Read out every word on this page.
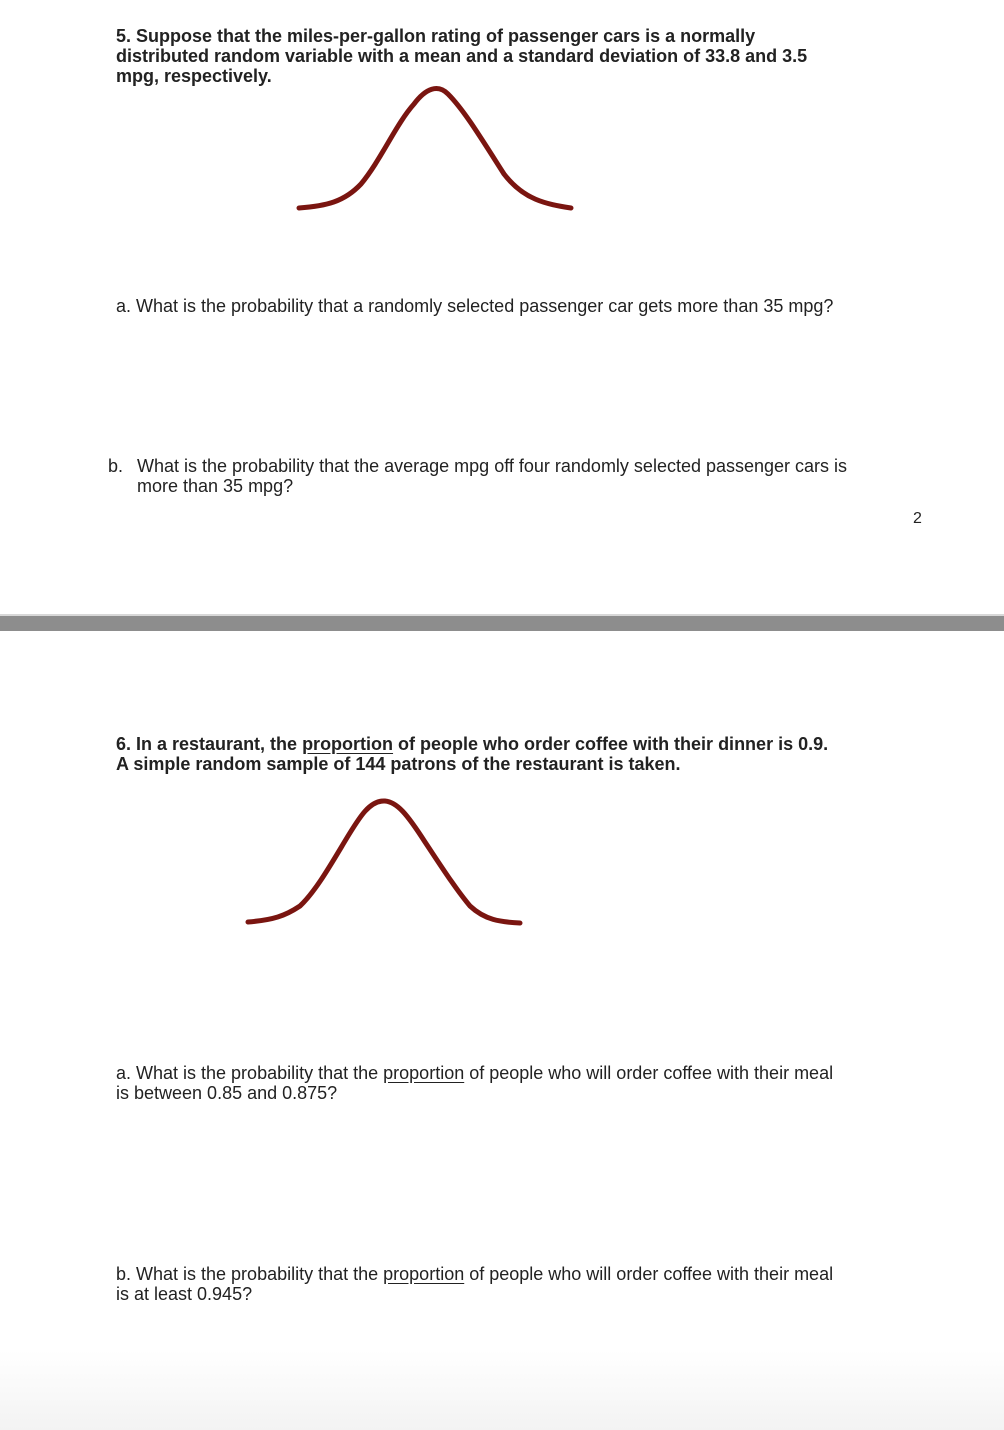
5. Suppose that the miles-per-gallon rating of passenger cars is a normally
distributed random variable with a mean and a standard deviation of 33.8 and 3.5
mpg, respectively.

a. What is the probability that a randomly selected passenger car gets more than 35 mpg?

b. What is the probability that the average mpg off four randomly selected passenger cars is
more than 35 mpg?

2

6. In a restaurant, the proportion of people who order coffee with their dinner is 0.9.
A simple random sample of 144 patrons of the restaurant is taken.

a. What is the probability that the proportion of people who will order coffee with their meal
is between 0.85 and 0.875?

b. What is the probability that the proportion of people who will order coffee with their meal
is at least 0.945?
